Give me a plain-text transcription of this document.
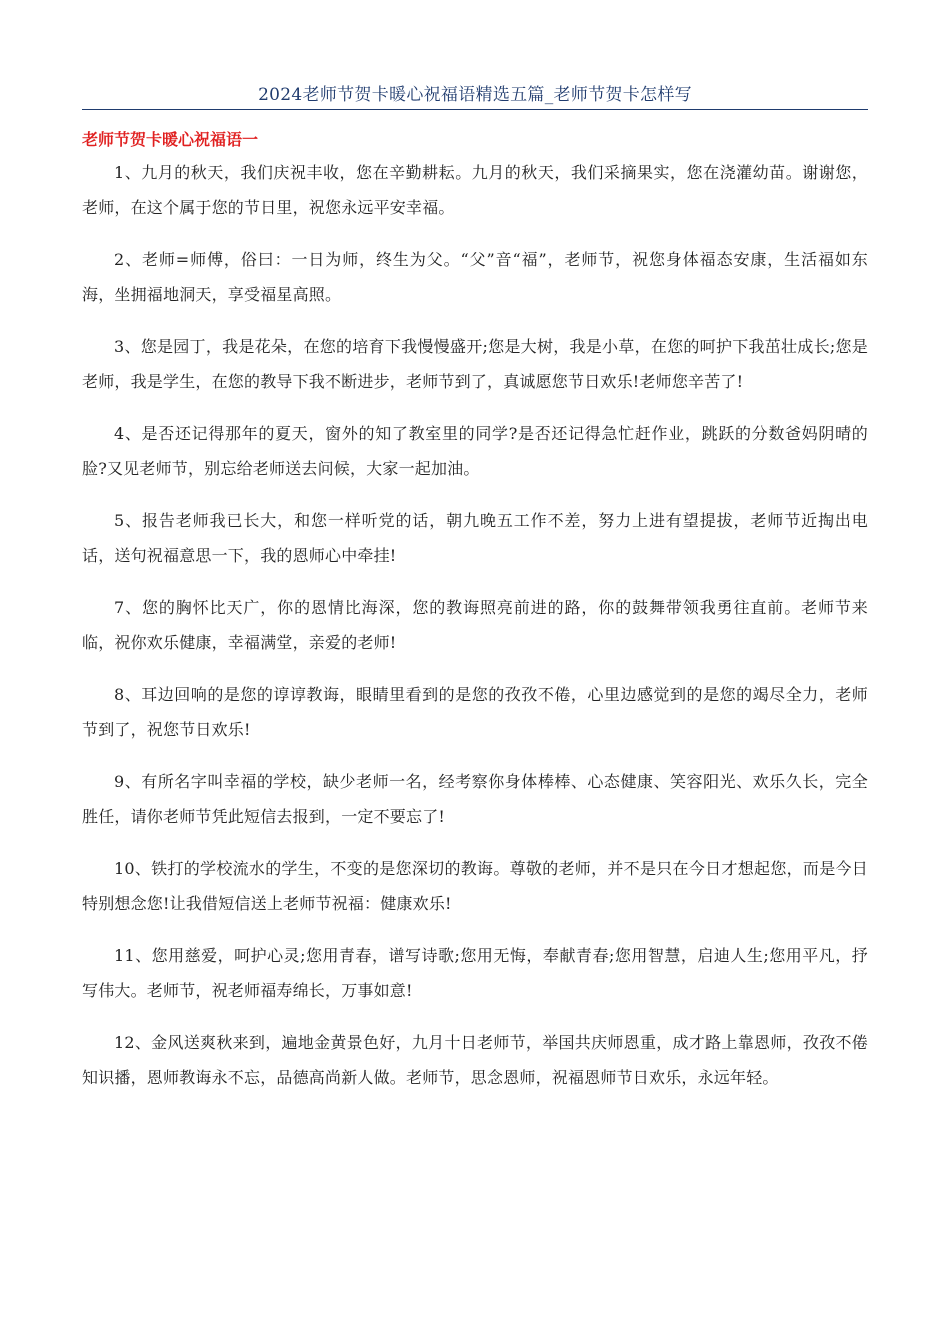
2024老师节贺卡暖心祝福语精选五篇_老师节贺卡怎样写
老师节贺卡暖心祝福语一

1、九月的秋天，我们庆祝丰收，您在辛勤耕耘。九月的秋天，我们采摘果实，您在浇灌幼苗。谢谢您，老师，在这个属于您的节日里，祝您永远平安幸福。

2、老师=师傅，俗曰：一日为师，终生为父。“父”音“福”，老师节，祝您身体福态安康，生活福如东海，坐拥福地洞天，享受福星高照。

3、您是园丁，我是花朵，在您的培育下我慢慢盛开;您是大树，我是小草，在您的呵护下我茁壮成长;您是老师，我是学生，在您的教导下我不断进步，老师节到了，真诚愿您节日欢乐!老师您辛苦了!

4、是否还记得那年的夏天，窗外的知了教室里的同学?是否还记得急忙赶作业，跳跃的分数爸妈阴晴的脸?又见老师节，别忘给老师送去问候，大家一起加油。

5、报告老师我已长大，和您一样听党的话，朝九晚五工作不差，努力上进有望提拔，老师节近掏出电话，送句祝福意思一下，我的恩师心中牵挂!

7、您的胸怀比天广，你的恩情比海深，您的教诲照亮前进的路，你的鼓舞带领我勇往直前。老师节来临，祝你欢乐健康，幸福满堂，亲爱的老师!

8、耳边回响的是您的谆谆教诲，眼睛里看到的是您的孜孜不倦，心里边感觉到的是您的竭尽全力，老师节到了，祝您节日欢乐!

9、有所名字叫幸福的学校，缺少老师一名，经考察你身体棒棒、心态健康、笑容阳光、欢乐久长，完全胜任，请你老师节凭此短信去报到，一定不要忘了!

10、铁打的学校流水的学生，不变的是您深切的教诲。尊敬的老师，并不是只在今日才想起您，而是今日特别想念您!让我借短信送上老师节祝福：健康欢乐!

11、您用慈爱，呵护心灵;您用青春，谱写诗歌;您用无悔，奉献青春;您用智慧，启迪人生;您用平凡，抒写伟大。老师节，祝老师福寿绵长，万事如意!

12、金风送爽秋来到，遍地金黄景色好，九月十日老师节，举国共庆师恩重，成才路上靠恩师，孜孜不倦知识播，恩师教诲永不忘，品德高尚新人做。老师节，思念恩师，祝福恩师节日欢乐，永远年轻。
